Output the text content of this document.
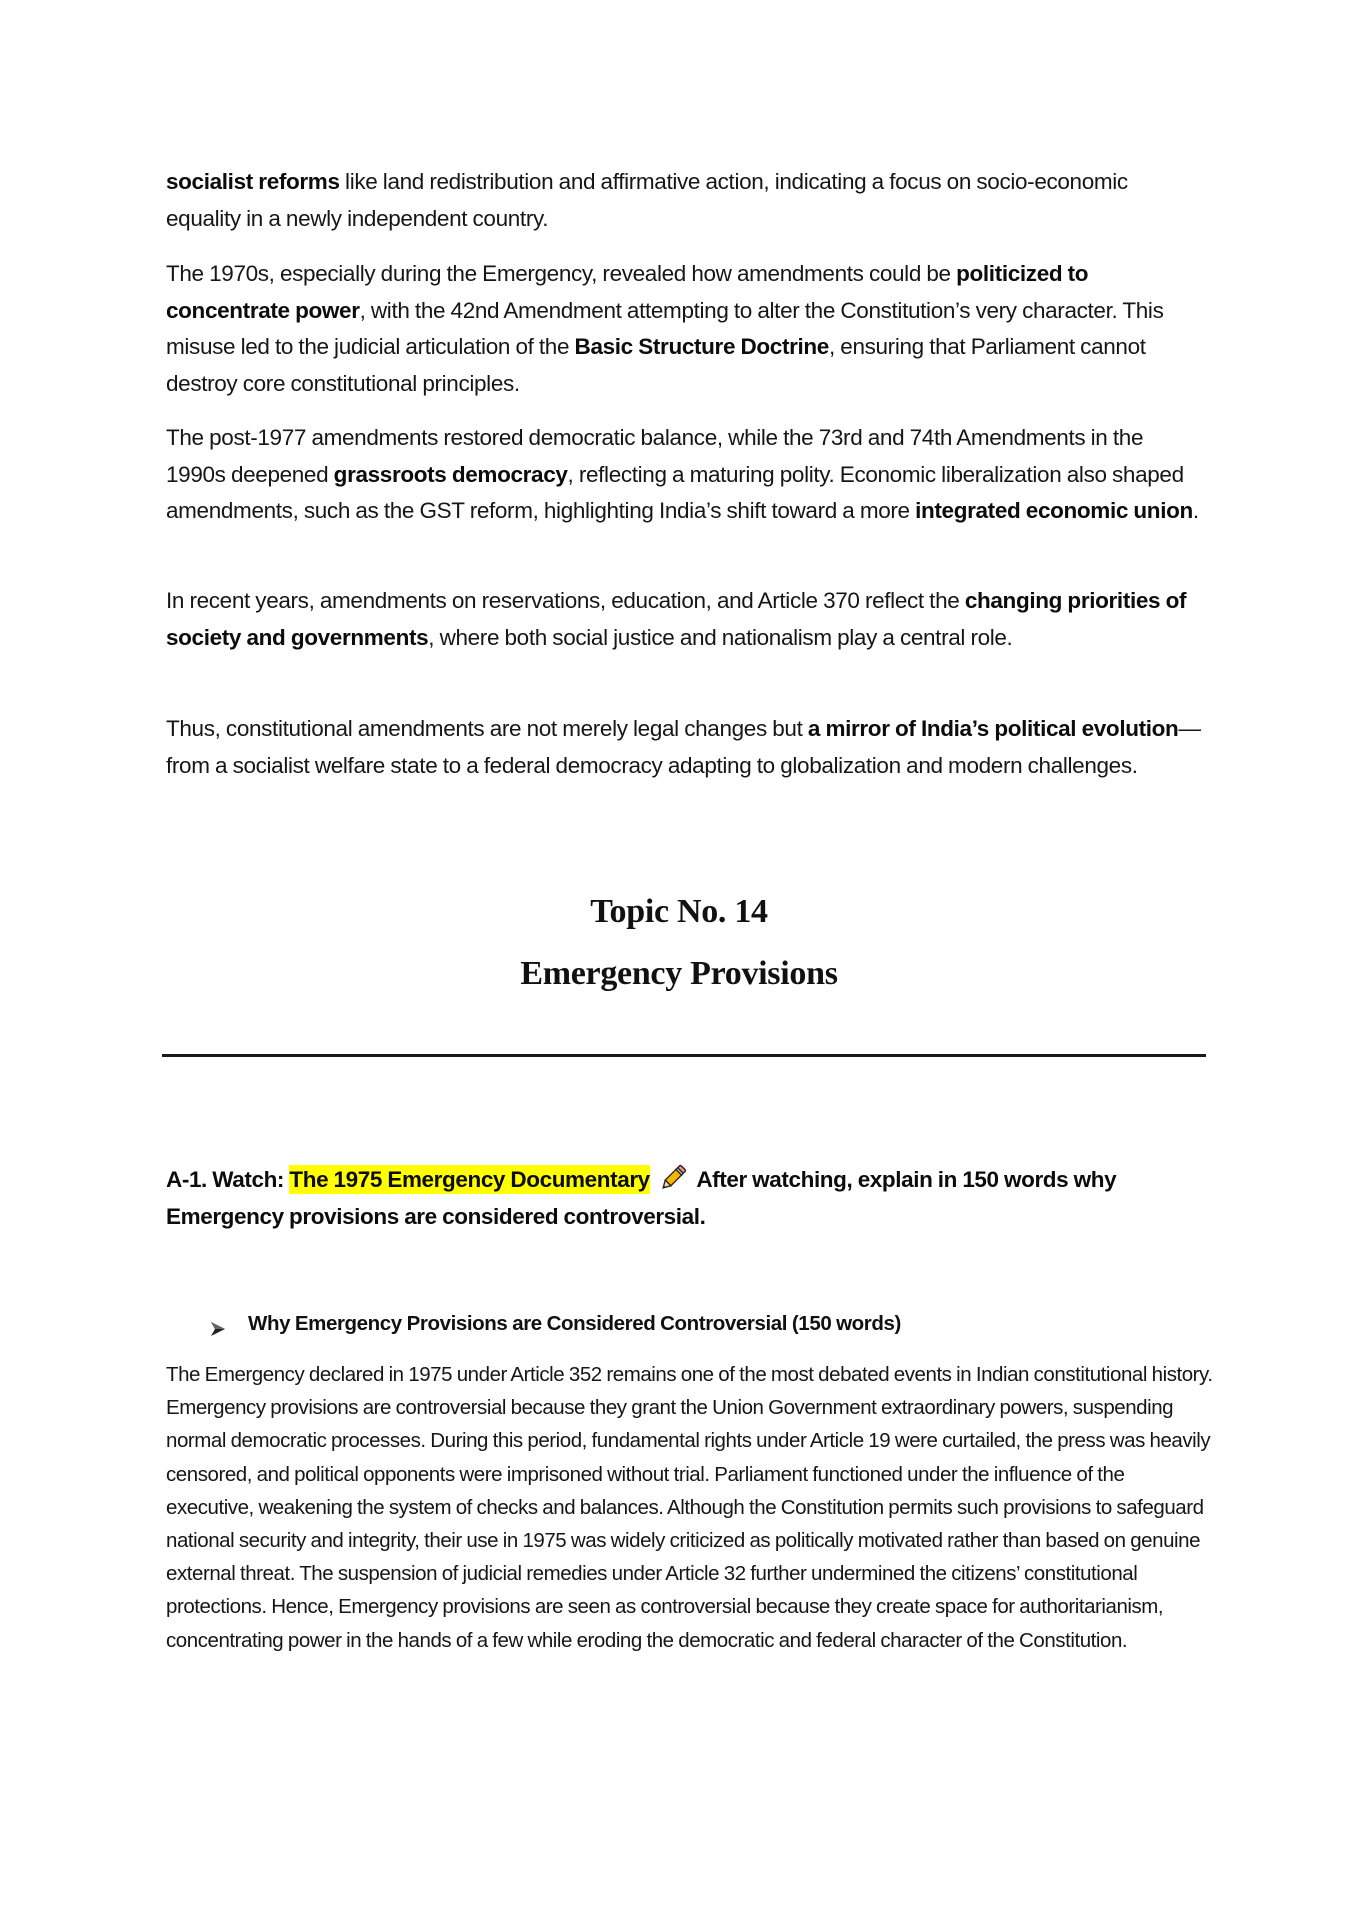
socialist reforms like land redistribution and affirmative action, indicating a focus on socio-economic equality in a newly independent country.

The 1970s, especially during the Emergency, revealed how amendments could be politicized to concentrate power, with the 42nd Amendment attempting to alter the Constitution’s very character. This misuse led to the judicial articulation of the Basic Structure Doctrine, ensuring that Parliament cannot destroy core constitutional principles.

The post-1977 amendments restored democratic balance, while the 73rd and 74th Amendments in the 1990s deepened grassroots democracy, reflecting a maturing polity. Economic liberalization also shaped amendments, such as the GST reform, highlighting India’s shift toward a more integrated economic union.

In recent years, amendments on reservations, education, and Article 370 reflect the changing priorities of society and governments, where both social justice and nationalism play a central role.

Thus, constitutional amendments are not merely legal changes but a mirror of India’s political evolution—from a socialist welfare state to a federal democracy adapting to globalization and modern challenges.

Topic No. 14
Emergency Provisions

A-1. Watch: The 1975 Emergency Documentary After watching, explain in 150 words why Emergency provisions are considered controversial.

Why Emergency Provisions are Considered Controversial (150 words)

The Emergency declared in 1975 under Article 352 remains one of the most debated events in Indian constitutional history. Emergency provisions are controversial because they grant the Union Government extraordinary powers, suspending normal democratic processes. During this period, fundamental rights under Article 19 were curtailed, the press was heavily censored, and political opponents were imprisoned without trial. Parliament functioned under the influence of the executive, weakening the system of checks and balances. Although the Constitution permits such provisions to safeguard national security and integrity, their use in 1975 was widely criticized as politically motivated rather than based on genuine external threat. The suspension of judicial remedies under Article 32 further undermined the citizens’ constitutional protections. Hence, Emergency provisions are seen as controversial because they create space for authoritarianism, concentrating power in the hands of a few while eroding the democratic and federal character of the Constitution.
